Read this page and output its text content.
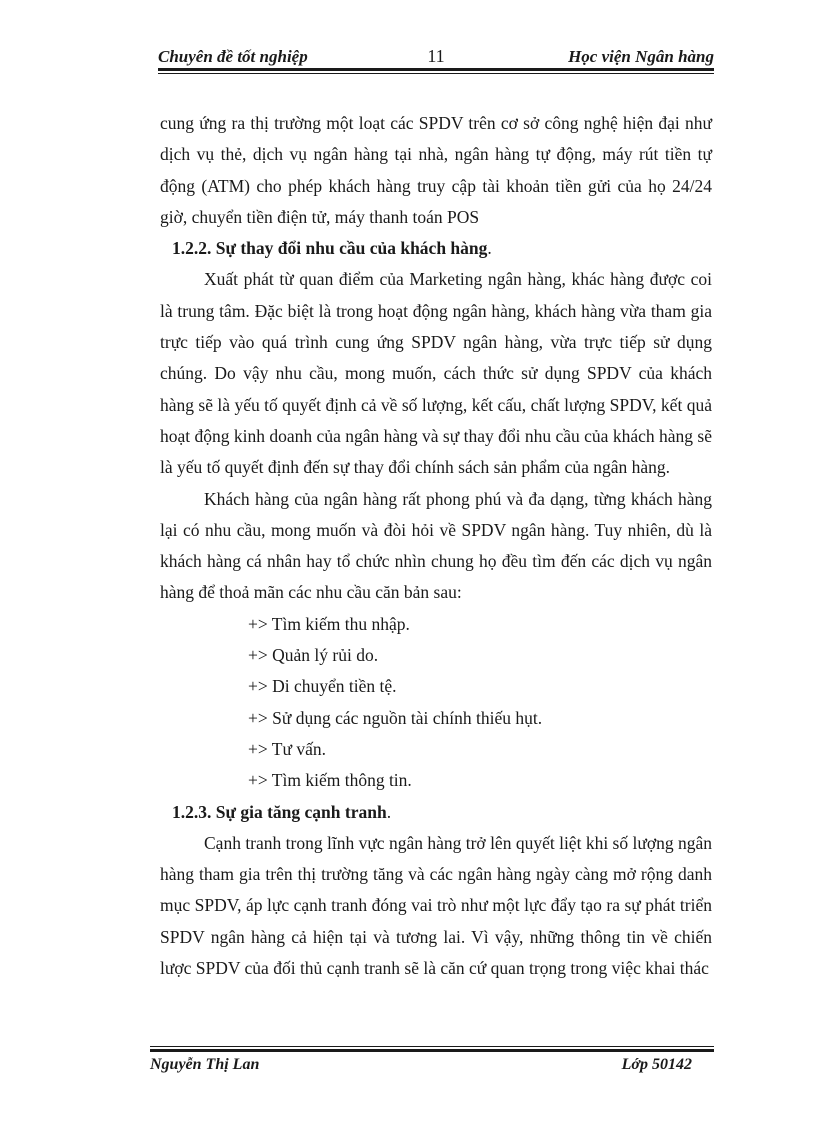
Chuyên đề tốt nghiệp	11	Học viện Ngân hàng

cung ứng ra thị trường một loạt các SPDV trên cơ sở công nghệ hiện đại như dịch vụ thẻ, dịch vụ ngân hàng tại nhà, ngân hàng tự động, máy rút tiền tự động (ATM) cho phép khách hàng truy cập tài khoản tiền gửi của họ 24/24 giờ, chuyển tiền điện tử, máy thanh toán POS

1.2.2. Sự thay đổi nhu cầu của khách hàng.

Xuất phát từ quan điểm của Marketing ngân hàng, khác hàng được coi là trung tâm. Đặc biệt là trong hoạt động ngân hàng, khách hàng vừa tham gia trực tiếp vào quá trình cung ứng SPDV ngân hàng, vừa trực tiếp sử dụng chúng. Do vậy nhu cầu, mong muốn, cách thức sử dụng SPDV của khách hàng sẽ là yếu tố quyết định cả về số lượng, kết cấu, chất lượng SPDV, kết quả hoạt động kinh doanh của ngân hàng và sự thay đổi nhu cầu của khách hàng sẽ là yếu tố quyết định đến sự thay đổi chính sách sản phẩm của ngân hàng.

Khách hàng của ngân hàng rất phong phú và đa dạng, từng khách hàng lại có nhu cầu, mong muốn và đòi hỏi về SPDV ngân hàng. Tuy nhiên, dù là khách hàng cá nhân hay tổ chức nhìn chung họ đều tìm đến các dịch vụ ngân hàng để thoả mãn các nhu cầu căn bản sau:

+> Tìm kiếm thu nhập.

+> Quản lý rủi do.

+> Di chuyển tiền tệ.

+> Sử dụng các nguồn tài chính thiếu hụt.

+> Tư vấn.

+> Tìm kiếm thông tin.

1.2.3. Sự gia tăng cạnh tranh.

Cạnh tranh trong lĩnh vực ngân hàng trở lên quyết liệt khi số lượng ngân hàng tham gia trên thị trường tăng và các ngân hàng ngày càng mở rộng danh mục SPDV, áp lực cạnh tranh đóng vai trò như một lực đẩy tạo ra sự phát triển SPDV ngân hàng cả hiện tại và tương lai. Vì vậy, những thông tin về chiến lược SPDV của đối thủ cạnh tranh sẽ là căn cứ quan trọng trong việc khai thác

Nguyễn Thị Lan	Lớp 50142
